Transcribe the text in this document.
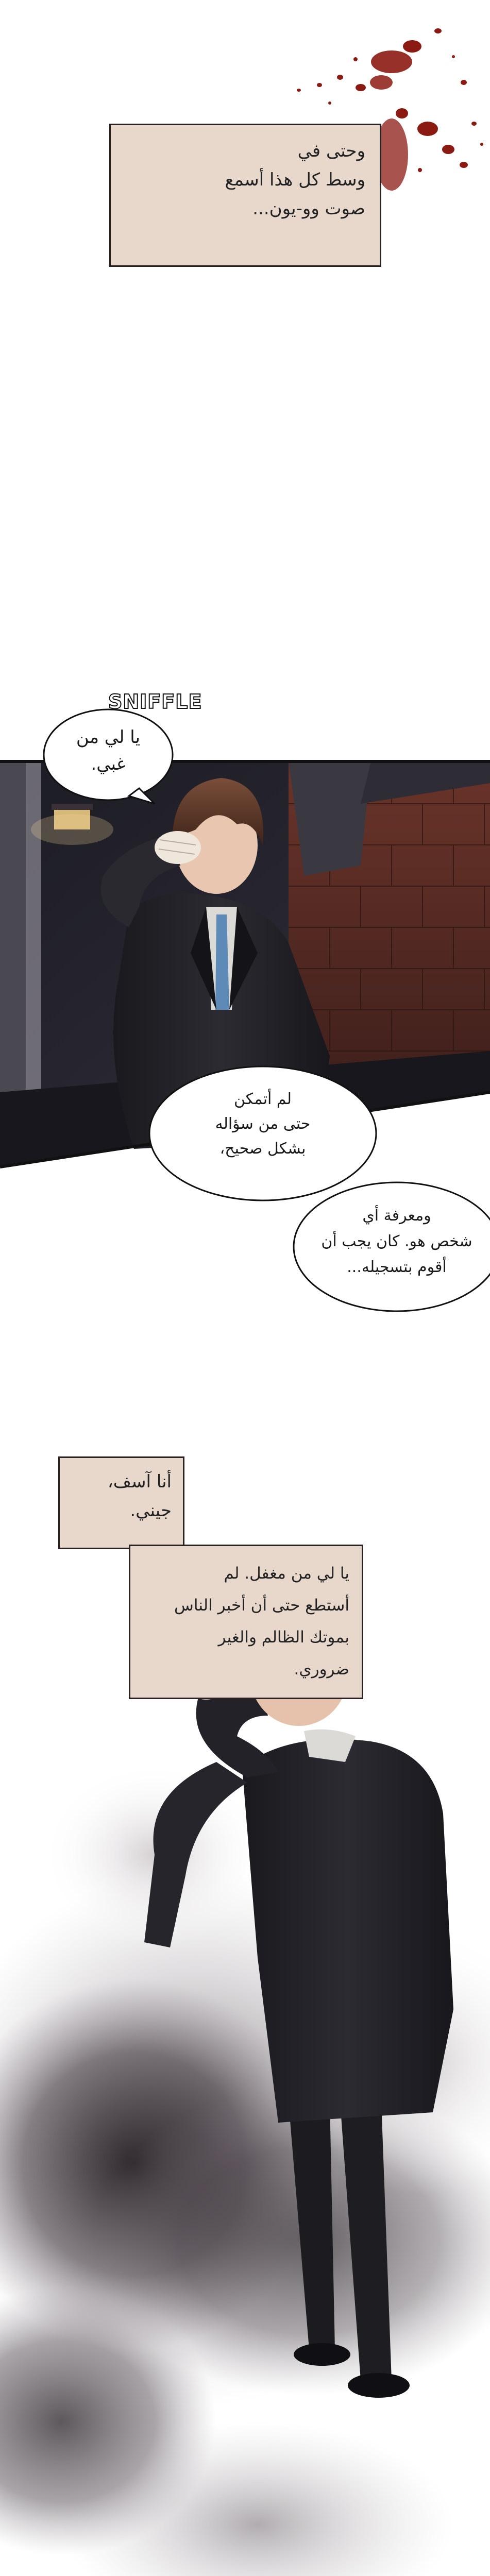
وحتى في
وسط كل هذا أسمع
صوت وو-يون...
SNIFFLE
يا لي من
غبي.
لم أتمكن
حتى من سؤاله
بشكل صحيح،
ومعرفة أي
شخص هو. كان يجب أن
أقوم بتسجيله...
أنا آسف،
جيني.
يا لي من مغفل. لم
أستطع حتى أن أخبر الناس
بموتك الظالم والغير
ضروري.
